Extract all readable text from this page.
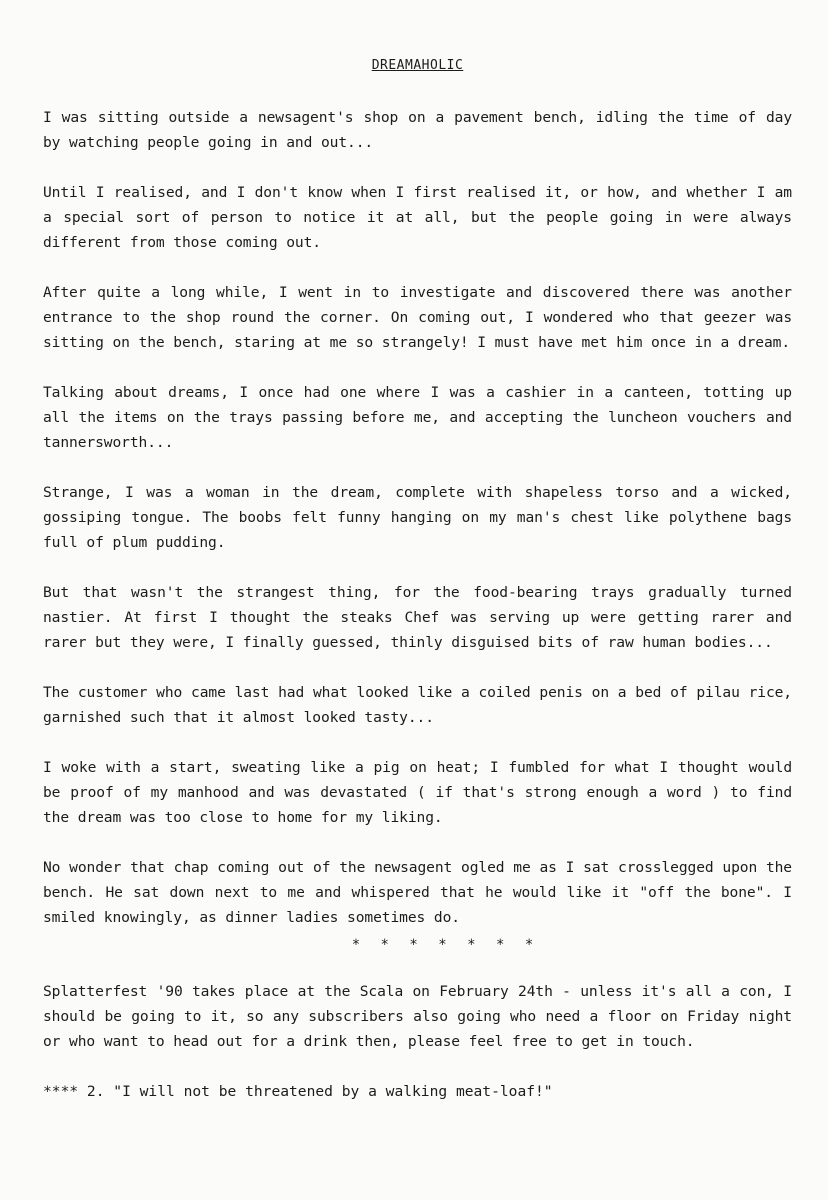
DREAMAHOLIC

I was sitting outside a newsagent's shop on a pavement bench, idling the time of day by watching people going in and out...

Until I realised, and I don't know when I first realised it, or how, and whether I am a special sort of person to notice it at all, but the people going in were always different from those coming out.

After quite a long while, I went in to investigate and discovered there was another entrance to the shop round the corner. On coming out, I wondered who that geezer was sitting on the bench, staring at me so strangely! I must have met him once in a dream.

Talking about dreams, I once had one where I was a cashier in a canteen, totting up all the items on the trays passing before me, and accepting the luncheon vouchers and tannersworth...

Strange, I was a woman in the dream, complete with shapeless torso and a wicked, gossiping tongue. The boobs felt funny hanging on my man's chest like polythene bags full of plum pudding.

But that wasn't the strangest thing, for the food-bearing trays gradually turned nastier. At first I thought the steaks Chef was serving up were getting rarer and rarer but they were, I finally guessed, thinly disguised bits of raw human bodies...

The customer who came last had what looked like a coiled penis on a bed of pilau rice, garnished such that it almost looked tasty...

I woke with a start, sweating like a pig on heat; I fumbled for what I thought would be proof of my manhood and was devastated ( if that's strong enough a word ) to find the dream was too close to home for my liking.

No wonder that chap coming out of the newsagent ogled me as I sat crosslegged upon the bench. He sat down next to me and whispered that he would like it "off the bone". I smiled knowingly, as dinner ladies sometimes do.

* * * * * * *

Splatterfest '90 takes place at the Scala on February 24th - unless it's all a con, I should be going to it, so any subscribers also going who need a floor on Friday night or who want to head out for a drink then, please feel free to get in touch.

**** 2. "I will not be threatened by a walking meat-loaf!"
